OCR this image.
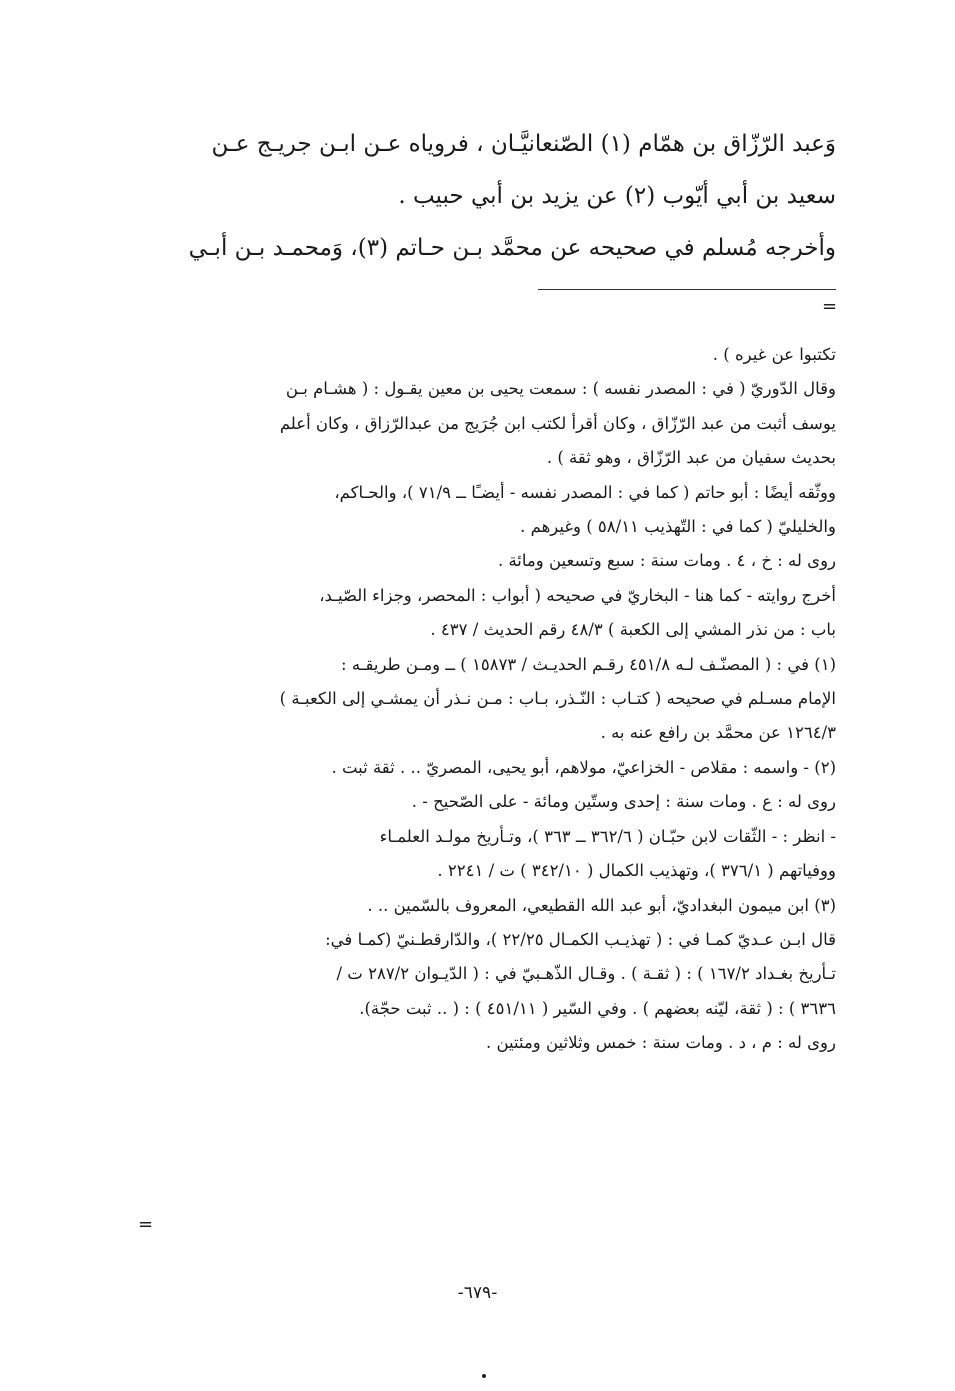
وَعبد الرّزّاق بن همّام (١) الصّنعانيَّـان ، فروياه عـن ابـن جريـج عـن

سعيد بن أبي أيّوب (٢) عن يزيد بن أبي حبيب .

وأخرجه مُسلم في صحيحه عن محمَّد بـن حـاتم (٣)، وَمحمـد بـن أبـي

=

تكتبوا عن غيره ) .

وقال الدّوريّ ( في : المصدر نفسه ) : سمعت يحيى بن معين يقـول : ( هشـام بـن

يوسف أثبت من عبد الرّزّاق ، وكان أقرأ لكتب ابن جُرَيج من عبدالرّزاق ، وكان أعلم

بحديث سفيان من عبد الرّزّاق ، وهو ثقة ) .

ووثّقه أيضًا : أبو حاتم ( كما في : المصدر نفسه - أيضـًا ــ ٧١/٩ )، والحـاكم،

والخليليّ ( كما في : التّهذيب ٥٨/١١ ) وغيرهم .

روى له : خ ، ٤ . ومات سنة : سبع وتسعين ومائة .

أخرج روايته - كما هنا - البخاريّ في صحيحه ( أبواب : المحصر، وجزاء الصّيـد،

باب : من نذر المشي إلى الكعبة ) ٤٨/٣ رقم الحديث / ٤٣٧ .

(١) في : ( المصنّـف لـه ٤٥١/٨ رقـم الحديـث / ١٥٨٧٣ ) ــ ومـن طريقـه :

الإمام مسـلم في صحيحه ( كتـاب : النّـذر، بـاب : مـن نـذر أن يمشـي إلى الكعبـة )

١٢٦٤/٣ عن محمَّد بن رافع عنه به .

(٢) - واسمه : مقلاص - الخزاعيّ، مولاهم، أبو يحيى، المصريّ .. . ثقة ثبت .

روى له : ع . ومات سنة : إحدى وستّين ومائة - على الصّحيح - .

- انظر : - الثّقات لابن حبّـان ( ٣٦٢/٦ ــ ٣٦٣ )، وتـأريخ مولـد العلمـاء

ووفياتهم ( ٣٧٦/١ )، وتهذيب الكمال ( ٣٤٢/١٠ ) ت / ٢٢٤١ .

(٣) ابن ميمون البغداديّ، أبو عبد الله القطيعي، المعروف بالسّمين .. .

قال ابـن عـديّ كمـا في : ( تهذيـب الكمـال ٢٢/٢٥ )، والدّارقطـنيّ (كمـا في:

تـأريخ بغـداد ١٦٧/٢ ) : ( ثقـة ) . وقـال الذّهـبيّ في : ( الدّيـوان ٢٨٧/٢ ت /

٣٦٣٦ ) : ( ثقة، ليّنه بعضهم ) . وفي السّير ( ٤٥١/١١ ) : ( .. ثبت حجّة).

روى له : م ، د . ومات سنة : خمس وثلاثين ومئتين .

=
-٦٧٩-
